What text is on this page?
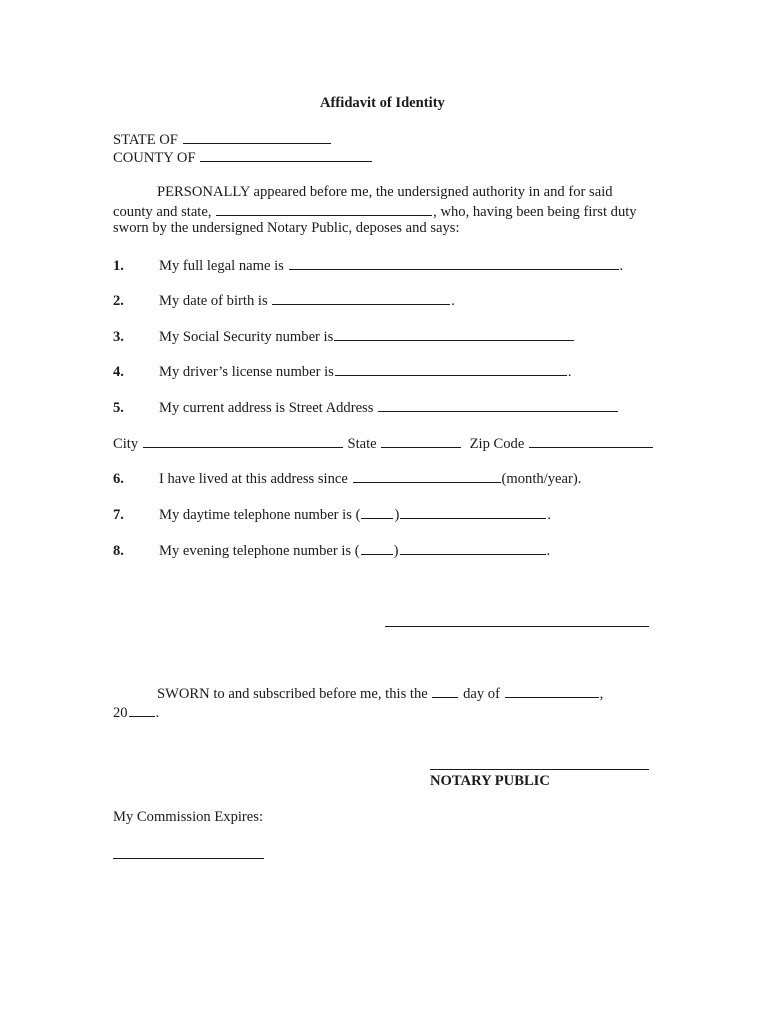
Affidavit of Identity
STATE OF
COUNTY OF
PERSONALLY appeared before me, the undersigned authority in and for said
county and state,	, who, having been being first duty
sworn by the undersigned Notary Public, deposes and says:
1. My full legal name is	.
2. My date of birth is	.
3. My Social Security number is
4. My driver’s license number is	.
5. My current address is Street Address
City	State	Zip Code
6. I have lived at this address since	(month/year).
7. My daytime telephone number is ( )	.
8. My evening telephone number is ( )	.
SWORN to and subscribed before me, this the day of	,
20 .
NOTARY PUBLIC
My Commission Expires:
